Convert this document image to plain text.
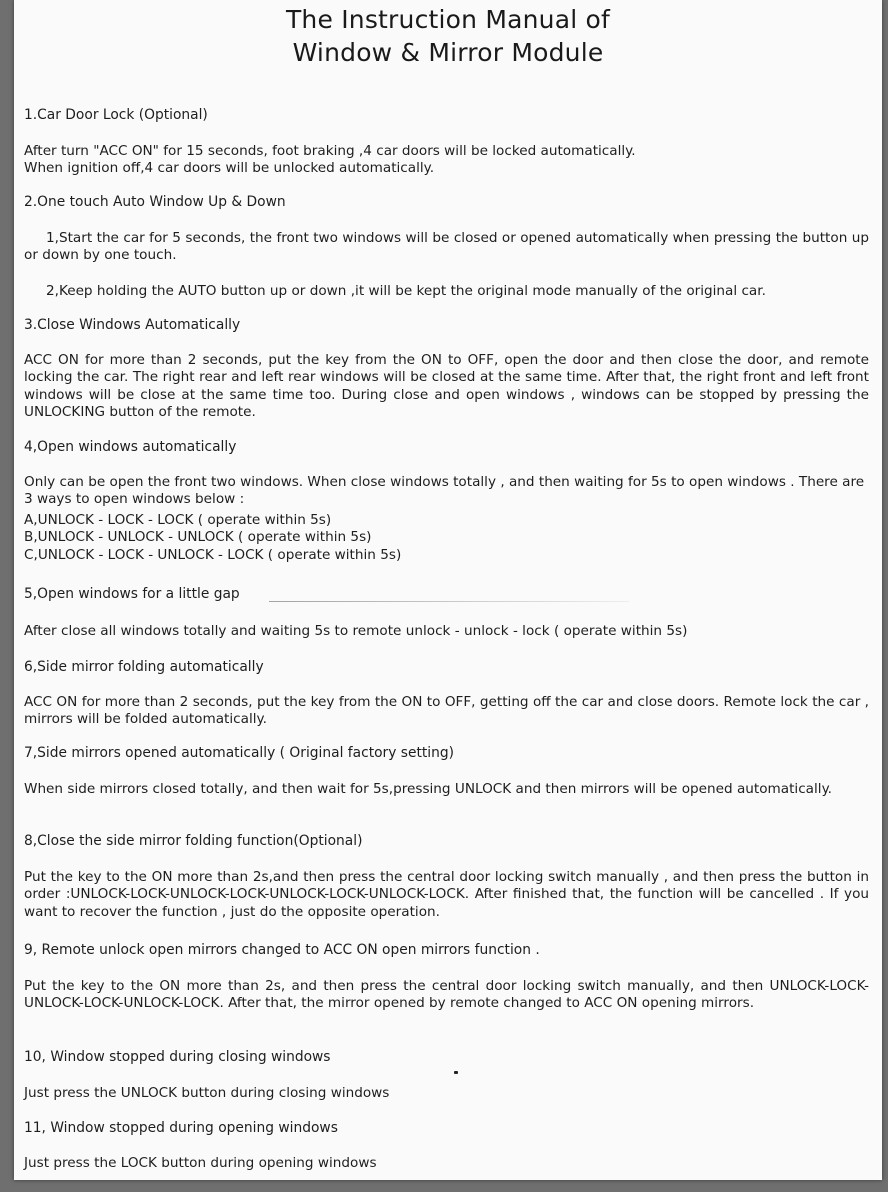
The Instruction Manual of
Window & Mirror Module

1.Car Door Lock (Optional)

After turn "ACC ON" for 15 seconds, foot braking ,4 car doors will be locked automatically.
When ignition off,4 car doors will be unlocked automatically.

2.One touch Auto Window Up & Down

1,Start the car for 5 seconds, the front two windows will be closed or opened automatically when pressing the button up or down by one touch.

2,Keep holding the AUTO button up or down ,it will be kept the original mode manually of the original car.

3.Close Windows Automatically

ACC ON for more than 2 seconds, put the key from the ON to OFF, open the door and then close the door, and remote locking the car. The right rear and left rear windows will be closed at the same time. After that, the right front and left front windows will be close at the same time too. During close and open windows , windows can be stopped by pressing the UNLOCKING button of the remote.

4,Open windows automatically

Only can be open the front two windows. When close windows totally , and then waiting for 5s to open windows . There are 3 ways to open windows below :

A,UNLOCK - LOCK - LOCK ( operate within 5s)
B,UNLOCK - UNLOCK - UNLOCK ( operate within 5s)
C,UNLOCK - LOCK - UNLOCK - LOCK ( operate within 5s)

5,Open windows for a little gap

After close all windows totally and waiting 5s to remote unlock - unlock - lock ( operate within 5s)

6,Side mirror folding automatically

ACC ON for more than 2 seconds, put the key from the ON to OFF, getting off the car and close doors. Remote lock the car , mirrors will be folded automatically.

7,Side mirrors opened automatically ( Original factory setting)

When side mirrors closed totally, and then wait for 5s,pressing UNLOCK and then mirrors will be opened automatically.

8,Close the side mirror folding function(Optional)

Put the key to the ON more than 2s,and then press the central door locking switch manually , and then press the button in order :UNLOCK-LOCK-UNLOCK-LOCK-UNLOCK-LOCK-UNLOCK-LOCK. After finished that, the function will be cancelled . If you want to recover the function , just do the opposite operation.

9, Remote unlock open mirrors changed to ACC ON open mirrors function .

Put the key to the ON more than 2s, and then press the central door locking switch manually, and then UNLOCK-LOCK-UNLOCK-LOCK-UNLOCK-LOCK. After that, the mirror opened by remote changed to ACC ON opening mirrors.

10, Window stopped during closing windows

Just press the UNLOCK button during closing windows

11, Window stopped during opening windows

Just press the LOCK button during opening windows
